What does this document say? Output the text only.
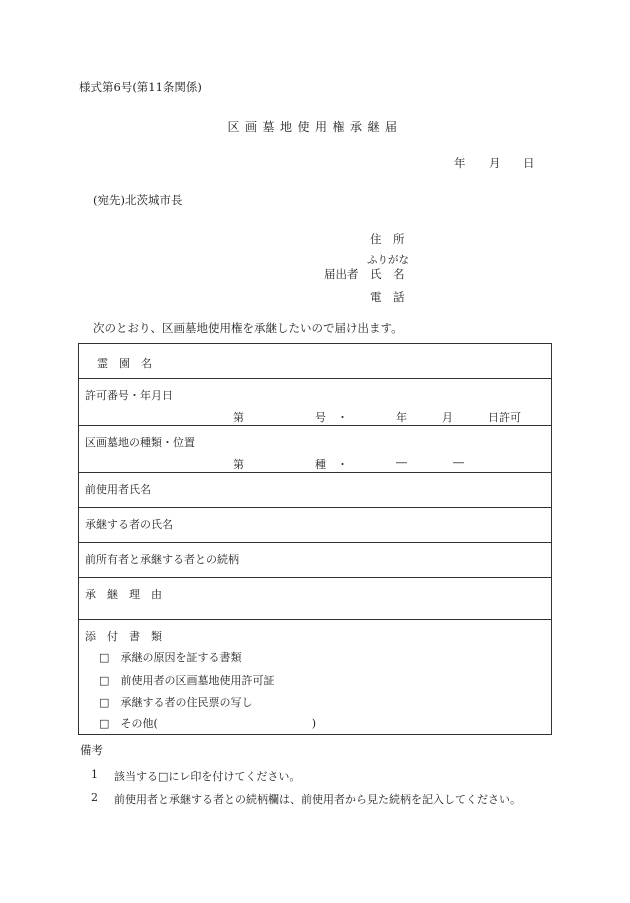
様式第6号(第11条関係)
区画墓地使用権承継届
年 月 日
(宛先)北茨城市長
住　所
ふりがな
届出者 氏　名
電　話
次のとおり、区画墓地使用権を承継したいので届け出ます。
霊　園　名

許可番号・年月日
第	号　・	年	月	日許可

区画墓地の種類・位置
第	種　・	―	―

前使用者氏名

承継する者の氏名

前所有者と承継する者との続柄

承　継　理　由

添　付　書　類
□ 承継の原因を証する書類
□ 前使用者の区画墓地使用許可証
□ 承継する者の住民票の写し
□ その他(　　　　　　　　　　　　　　)
備考
1 該当する□にレ印を付けてください。
2 前使用者と承継する者との続柄欄は、前使用者から見た続柄を記入してください。
